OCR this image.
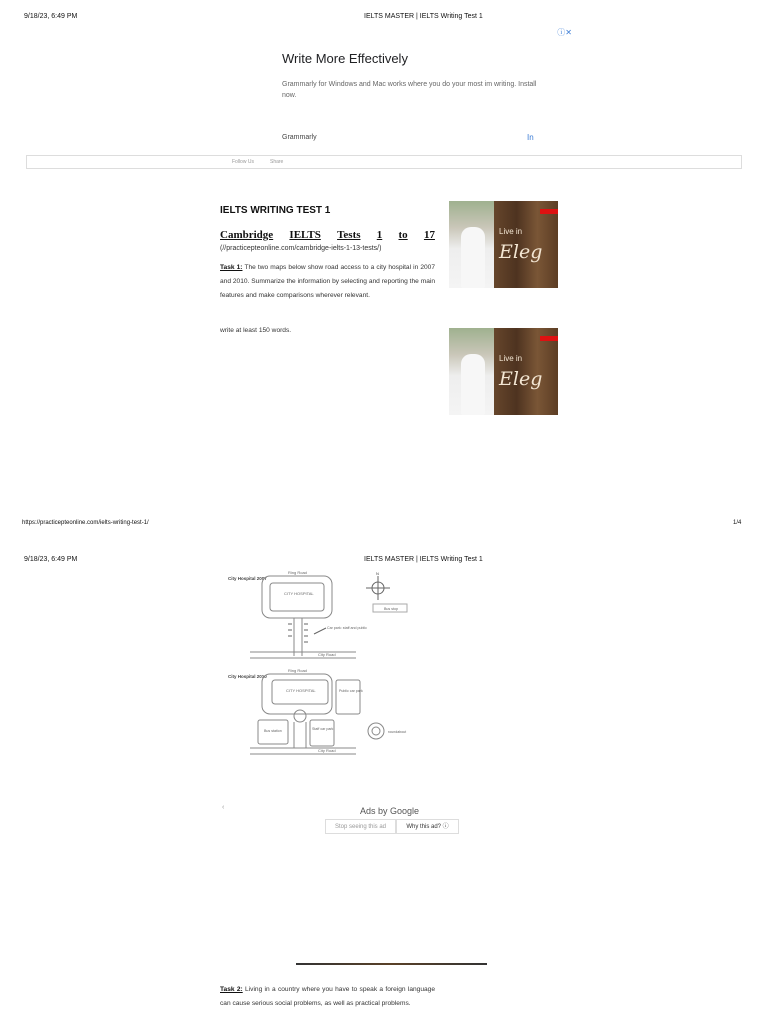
9/18/23, 6:49 PM	IELTS MASTER | IELTS Writing Test 1
ⓘ✕
Write More Effectively
Grammarly for Windows and Mac works where you do your most im writing. Install now.
Grammarly	In
Follow Us	Share
IELTS WRITING TEST 1
Cambridge IELTS Tests 1 to 17
(//practicepteonline.com/cambridge-ielts-1-13-tests/)
Task 1: The two maps below show road access to a city hospital in 2007 and 2010. Summarize the information by selecting and reporting the main features and make comparisons wherever relevant.
write at least 150 words.
Live in
Eleg
Live in
Eleg
https://practicepteonline.com/ielts-writing-test-1/	1/4
9/18/23, 6:49 PM	IELTS MASTER | IELTS Writing Test 1
City Hospital 2007
CITY HOSPITAL
Ring Road
City Road
Car park: staff and public
N
Bus stop
City Hospital 2010
CITY HOSPITAL
Ring Road
Public car park
Bus station	Staff car park
City Road
roundabout
‹	Ads by Google
Stop seeing this ad	Why this ad? ⓘ
Task 2: Living in a country where you have to speak a foreign language can cause serious social problems, as well as practical problems.
